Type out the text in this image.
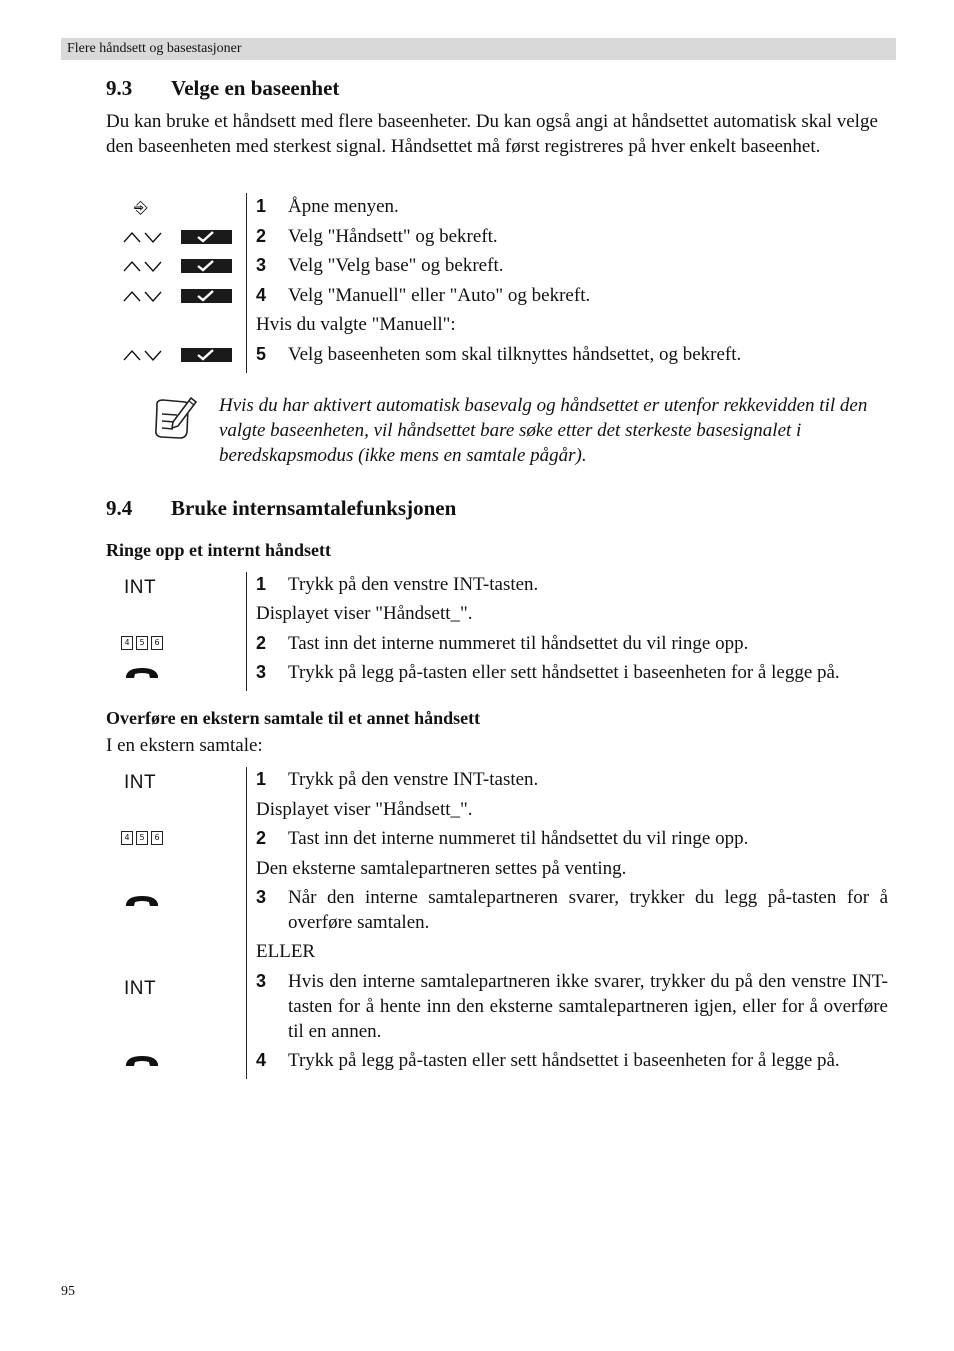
Flere håndsett og basestasjoner
9.3 Velge en baseenhet
Du kan bruke et håndsett med flere baseenheter. Du kan også angi at håndsettet automatisk skal velge den baseenheten med sterkest signal. Håndsettet må først registreres på hver enkelt baseenhet.
⎆	1 Åpne menyen.
2 Velg "Håndsett" og bekreft.
3 Velg "Velg base" og bekreft.
4 Velg "Manuell" eller "Auto" og bekreft.
Hvis du valgte "Manuell":
5 Velg baseenheten som skal tilknyttes håndsettet, og bekreft.
Hvis du har aktivert automatisk basevalg og håndsettet er utenfor rekkevidden til den valgte baseenheten, vil håndsettet bare søke etter det sterkeste basesignalet i beredskapsmodus (ikke mens en samtale pågår).
9.4 Bruke internsamtalefunksjonen
Ringe opp et internt håndsett
INT	1 Trykk på den venstre INT-tasten.
Displayet viser "Håndsett_".
4 5 6	2 Tast inn det interne nummeret til håndsettet du vil ringe opp.
3 Trykk på legg på-tasten eller sett håndsettet i baseenheten for å legge på.
Overføre en ekstern samtale til et annet håndsett
I en ekstern samtale:
INT	1 Trykk på den venstre INT-tasten.
Displayet viser "Håndsett_".
4 5 6	2 Tast inn det interne nummeret til håndsettet du vil ringe opp.
Den eksterne samtalepartneren settes på venting.
3 Når den interne samtalepartneren svarer, trykker du legg på-tasten for å overføre samtalen.
ELLER
INT	3 Hvis den interne samtalepartneren ikke svarer, trykker du på den venstre INT-tasten for å hente inn den eksterne samtalepartneren igjen, eller for å overføre til en annen.
4 Trykk på legg på-tasten eller sett håndsettet i baseenheten for å legge på.
95
